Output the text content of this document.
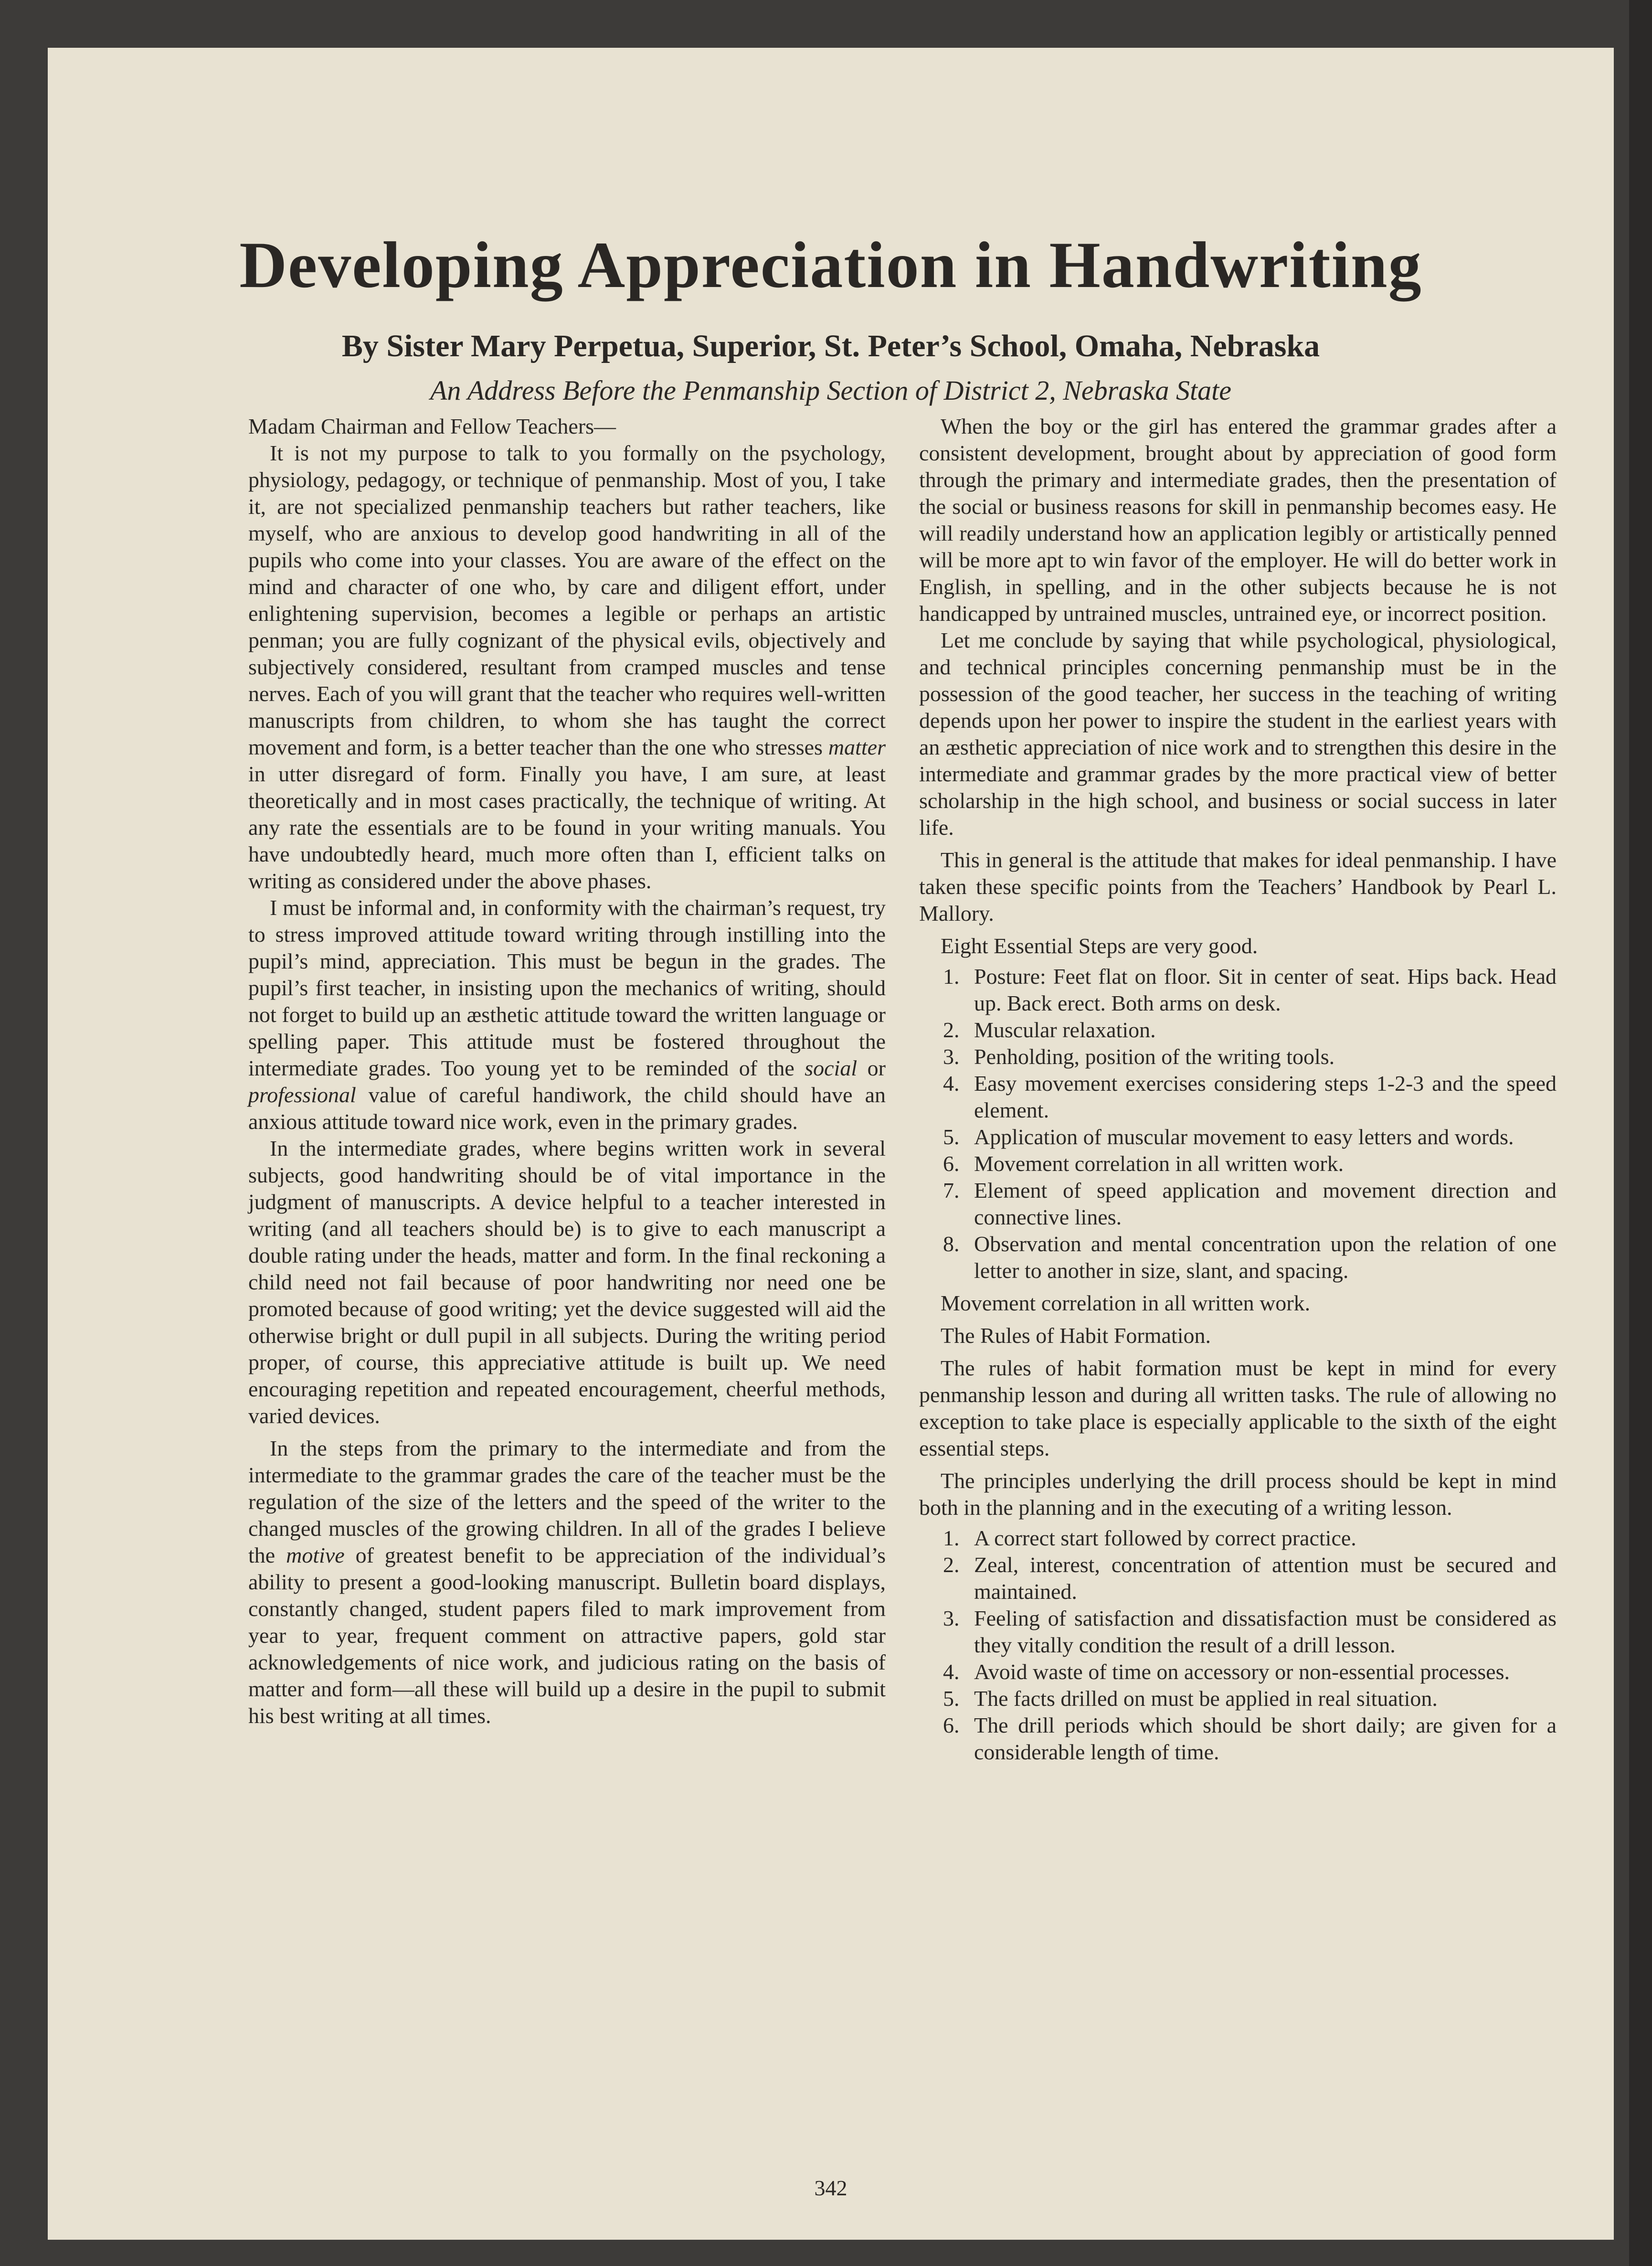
Developing Appreciation in Handwriting
By Sister Mary Perpetua, Superior, St. Peter’s School, Omaha, Nebraska
An Address Before the Penmanship Section of District 2, Nebraska State

Madam Chairman and Fellow Teachers—

It is not my purpose to talk to you formally on the psychology, physiology, pedagogy, or technique of penmanship. Most of you, I take it, are not specialized penmanship teachers but rather teachers, like myself, who are anxious to develop good handwriting in all of the pupils who come into your classes. You are aware of the effect on the mind and character of one who, by care and diligent effort, under enlightening supervision, becomes a legible or perhaps an artistic penman; you are fully cognizant of the physical evils, objectively and subjectively considered, resultant from cramped muscles and tense nerves. Each of you will grant that the teacher who requires well-written manuscripts from children, to whom she has taught the correct movement and form, is a better teacher than the one who stresses matter in utter disregard of form. Finally you have, I am sure, at least theoretically and in most cases practically, the technique of writing. At any rate the essentials are to be found in your writing manuals. You have undoubtedly heard, much more often than I, efficient talks on writing as considered under the above phases.

I must be informal and, in conformity with the chairman’s request, try to stress improved attitude toward writing through instilling into the pupil’s mind, appreciation. This must be begun in the grades. The pupil’s first teacher, in insisting upon the mechanics of writing, should not forget to build up an æsthetic attitude toward the written language or spelling paper. This attitude must be fostered throughout the intermediate grades. Too young yet to be reminded of the social or professional value of careful handiwork, the child should have an anxious attitude toward nice work, even in the primary grades.

In the intermediate grades, where begins written work in several subjects, good handwriting should be of vital importance in the judgment of manuscripts. A device helpful to a teacher interested in writing (and all teachers should be) is to give to each manuscript a double rating under the heads, matter and form. In the final reckoning a child need not fail because of poor handwriting nor need one be promoted because of good writing; yet the device suggested will aid the otherwise bright or dull pupil in all subjects. During the writing period proper, of course, this appreciative attitude is built up. We need encouraging repetition and repeated encouragement, cheerful methods, varied devices.

In the steps from the primary to the intermediate and from the intermediate to the grammar grades the care of the teacher must be the regulation of the size of the letters and the speed of the writer to the changed muscles of the growing children. In all of the grades I believe the motive of greatest benefit to be appreciation of the individual’s ability to present a good-looking manuscript. Bulletin board displays, constantly changed, student papers filed to mark improvement from year to year, frequent comment on attractive papers, gold star acknowledgements of nice work, and judicious rating on the basis of matter and form—all these will build up a desire in the pupil to submit his best writing at all times.

When the boy or the girl has entered the grammar grades after a consistent development, brought about by appreciation of good form through the primary and intermediate grades, then the presentation of the social or business reasons for skill in penmanship becomes easy. He will readily understand how an application legibly or artistically penned will be more apt to win favor of the employer. He will do better work in English, in spelling, and in the other subjects because he is not handicapped by untrained muscles, untrained eye, or incorrect position.

Let me conclude by saying that while psychological, physiological, and technical principles concerning penmanship must be in the possession of the good teacher, her success in the teaching of writing depends upon her power to inspire the student in the earliest years with an æsthetic appreciation of nice work and to strengthen this desire in the intermediate and grammar grades by the more practical view of better scholarship in the high school, and business or social success in later life.

This in general is the attitude that makes for ideal penmanship. I have taken these specific points from the Teachers’ Handbook by Pearl L. Mallory.

Eight Essential Steps are very good.

1. Posture: Feet flat on floor. Sit in center of seat. Hips back. Head up. Back erect. Both arms on desk.
2. Muscular relaxation.
3. Penholding, position of the writing tools.
4. Easy movement exercises considering steps 1-2-3 and the speed element.
5. Application of muscular movement to easy letters and words.
6. Movement correlation in all written work.
7. Element of speed application and movement direction and connective lines.
8. Observation and mental concentration upon the relation of one letter to another in size, slant, and spacing.

Movement correlation in all written work.

The Rules of Habit Formation.

The rules of habit formation must be kept in mind for every penmanship lesson and during all written tasks. The rule of allowing no exception to take place is especially applicable to the sixth of the eight essential steps.

The principles underlying the drill process should be kept in mind both in the planning and in the executing of a writing lesson.

1. A correct start followed by correct practice.
2. Zeal, interest, concentration of attention must be secured and maintained.
3. Feeling of satisfaction and dissatisfaction must be considered as they vitally condition the result of a drill lesson.
4. Avoid waste of time on accessory or non-essential processes.
5. The facts drilled on must be applied in real situation.
6. The drill periods which should be short daily; are given for a considerable length of time.
342
